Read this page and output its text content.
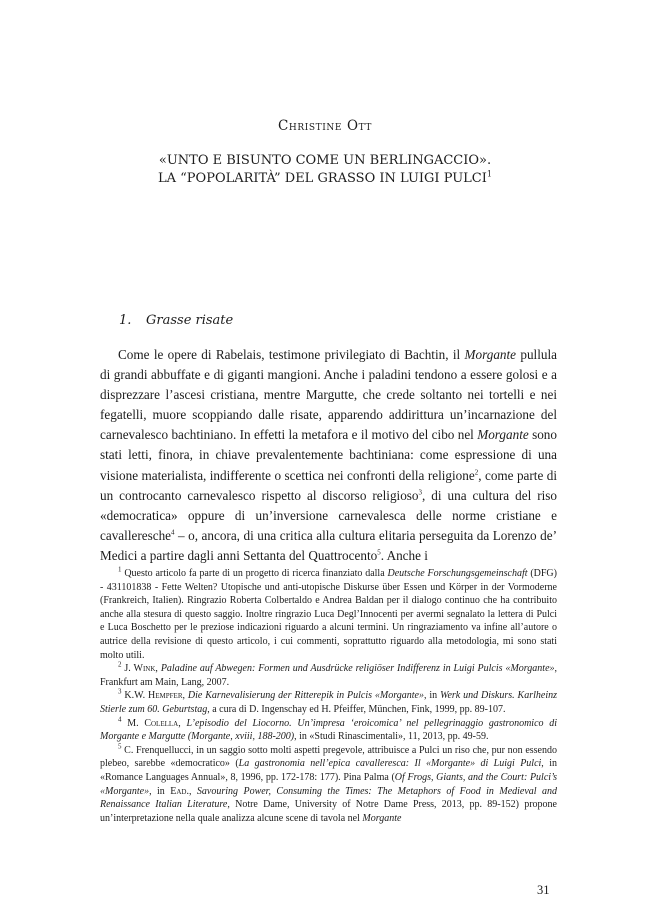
Christine Ott
«UNTO E BISUNTO COME UN BERLINGACCIO».
LA “POPOLARITÀ” DEL GRASSO IN LUIGI PULCI$^1$
1. Grasse risate

Come le opere di Rabelais, testimone privilegiato di Bachtin, il Morgante pullula di grandi abbuffate e di giganti mangioni. Anche i paladini tendono a essere golosi e a disprezzare l’ascesi cristiana, mentre Margutte, che crede soltanto nei tortelli e nei fegatelli, muore scoppiando dalle risate, apparendo addirittura un’incarnazione del carnevalesco bachtiniano. In effetti la metafora e il motivo del cibo nel Morgante sono stati letti, finora, in chiave prevalentemente bachtiniana: come espressione di una visione materialista, indifferente o scettica nei confronti della religione$^2$, come parte di un controcanto carnevalesco rispetto al discorso religioso$^3$, di una cultura del riso «democratica» oppure di un’inversione carnevalesca delle norme cristiane e cavalleresche$^4$ – o, ancora, di una critica alla cultura elitaria perseguita da Lorenzo de’ Medici a partire dagli anni Settanta del Quattrocento$^5$. Anche i

$^1$ Questo articolo fa parte di un progetto di ricerca finanziato dalla Deutsche Forschungsgemeinschaft (DFG) - 431101838 - Fette Welten? Utopische und anti-utopische Diskurse über Essen und Körper in der Vormoderne (Frankreich, Italien). Ringrazio Roberta Colbertaldo e Andrea Baldan per il dialogo continuo che ha contribuito anche alla stesura di questo saggio. Inoltre ringrazio Luca Degl’Innocenti per avermi segnalato la lettera di Pulci e Luca Boschetto per le preziose indicazioni riguardo a alcuni termini. Un ringraziamento va infine all’autore o autrice della revisione di questo articolo, i cui commenti, soprattutto riguardo alla metodologia, mi sono stati molto utili.

$^2$ J. Wink, Paladine auf Abwegen: Formen und Ausdrücke religiöser Indifferenz in Luigi Pulcis «Morgante», Frankfurt am Main, Lang, 2007.

$^3$ K.W. Hempfer, Die Karnevalisierung der Ritterepik in Pulcis «Morgante», in Werk und Diskurs. Karlheinz Stierle zum 60. Geburtstag, a cura di D. Ingenschay ed H. Pfeiffer, München, Fink, 1999, pp. 89-107.

$^4$ M. Colella, L’episodio del Liocorno. Un’impresa ‘eroicomica’ nel pellegrinaggio gastronomico di Morgante e Margutte (Morgante, xviii, 188-200), in «Studi Rinascimentali», 11, 2013, pp. 49-59.

$^5$ C. Frenquellucci, in un saggio sotto molti aspetti pregevole, attribuisce a Pulci un riso che, pur non essendo plebeo, sarebbe «democratico» (La gastronomia nell’epica cavalleresca: Il «Morgante» di Luigi Pulci, in «Romance Languages Annual», 8, 1996, pp. 172-178: 177). Pina Palma (Of Frogs, Giants, and the Court: Pulci’s «Morgante», in Ead., Savouring Power, Consuming the Times: The Metaphors of Food in Medieval and Renaissance Italian Literature, Notre Dame, University of Notre Dame Press, 2013, pp. 89-152) propone un’interpretazione nella quale analizza alcune scene di tavola nel Morgante

31
